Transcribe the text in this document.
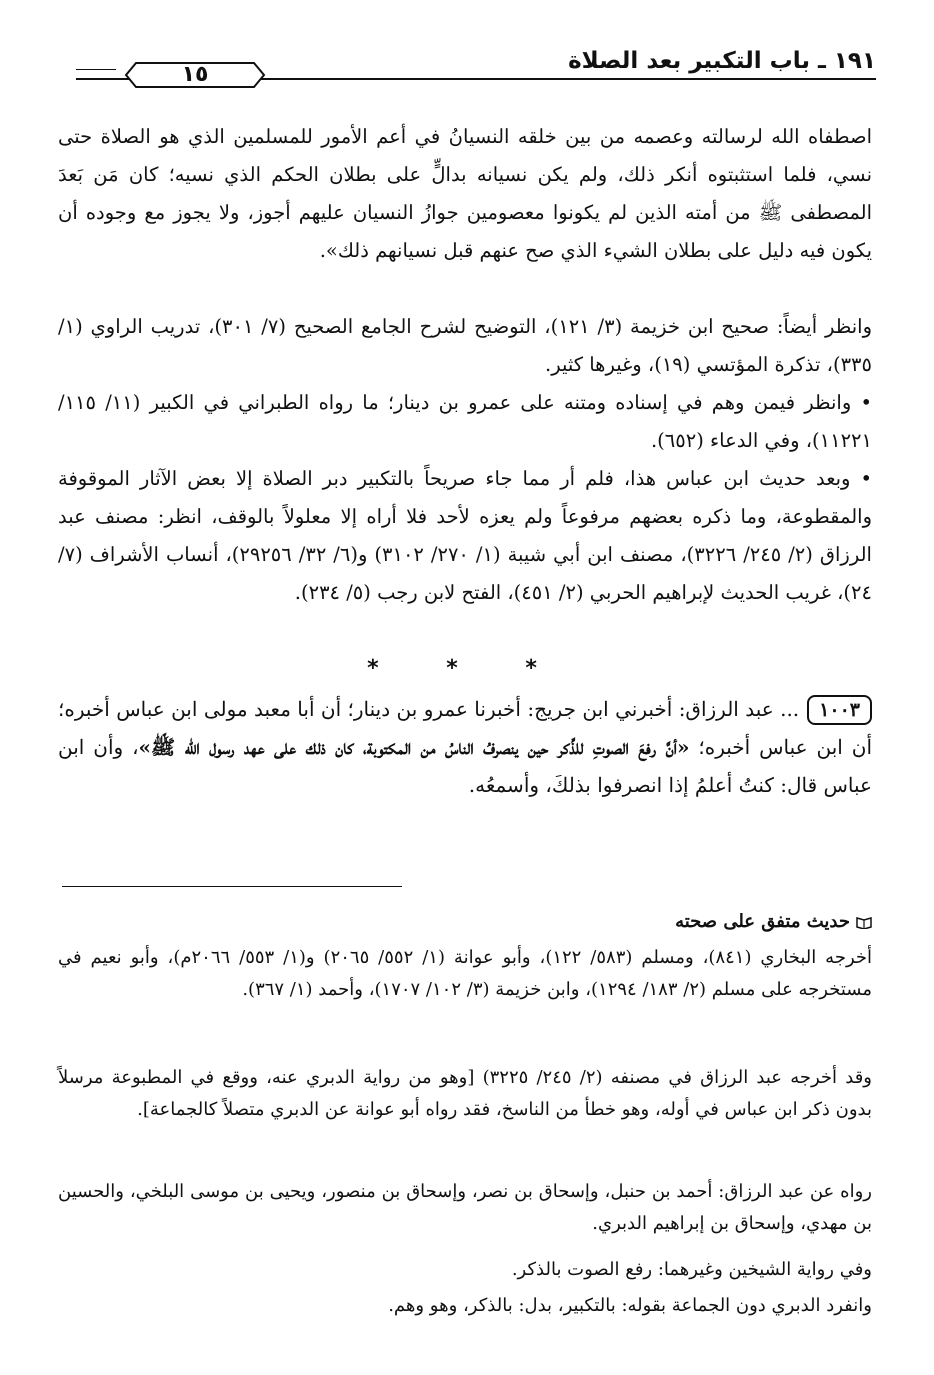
١٩١ ـ باب التكبير بعد الصلاة
١٥
اصطفاه الله لرسالته وعصمه من بين خلقه النسيانُ في أعم الأمور للمسلمين الذي هو الصلاة حتى نسي، فلما استثبتوه أنكر ذلك، ولم يكن نسيانه بدالٍّ على بطلان الحكم الذي نسيه؛ كان مَن بَعدَ المصطفى ﷺ من أمته الذين لم يكونوا معصومين جوازُ النسيان عليهم أجوز، ولا يجوز مع وجوده أن يكون فيه دليل على بطلان الشيء الذي صح عنهم قبل نسيانهم ذلك».
وانظر أيضاً: صحيح ابن خزيمة (٣/ ١٢١)، التوضيح لشرح الجامع الصحيح (٧/ ٣٠١)، تدريب الراوي (١/ ٣٣٥)، تذكرة المؤتسي (١٩)، وغيرها كثير.
• وانظر فيمن وهم في إسناده ومتنه على عمرو بن دينار؛ ما رواه الطبراني في الكبير (١١/ ١١٥/ ١١٢٢١)، وفي الدعاء (٦٥٢).
• وبعد حديث ابن عباس هذا، فلم أر مما جاء صريحاً بالتكبير دبر الصلاة إلا بعض الآثار الموقوفة والمقطوعة، وما ذكره بعضهم مرفوعاً ولم يعزه لأحد فلا أراه إلا معلولاً بالوقف، انظر: مصنف عبد الرزاق (٢/ ٢٤٥/ ٣٢٢٦)، مصنف ابن أبي شيبة (١/ ٢٧٠/ ٣١٠٢) و(٦/ ٣٢/ ٢٩٢٥٦)، أنساب الأشراف (٧/ ٢٤)، غريب الحديث لإبراهيم الحربي (٢/ ٤٥١)، الفتح لابن رجب (٥/ ٢٣٤).
* * *
١٠٠٣... عبد الرزاق: أخبرني ابن جريج: أخبرنا عمرو بن دينار؛ أن أبا معبد مولى ابن عباس أخبره؛ أن ابن عباس أخبره؛ «أنَّ رفعَ الصوتِ للذِّكر حين ينصرفُ الناسُ من المكتوبة، كان ذلك على عهد رسول الله ﷺ»، وأن ابن عباس قال: كنتُ أعلمُ إذا انصرفوا بذلكَ، وأسمعُه.
حديث متفق على صحته
أخرجه البخاري (٨٤١)، ومسلم (٥٨٣/ ١٢٢)، وأبو عوانة (١/ ٥٥٢/ ٢٠٦٥) و(١/ ٥٥٣/ ٢٠٦٦م)، وأبو نعيم في مستخرجه على مسلم (٢/ ١٨٣/ ١٢٩٤)، وابن خزيمة (٣/ ١٠٢/ ١٧٠٧)، وأحمد (١/ ٣٦٧).
وقد أخرجه عبد الرزاق في مصنفه (٢/ ٢٤٥/ ٣٢٢٥) [وهو من رواية الدبري عنه، ووقع في المطبوعة مرسلاً بدون ذكر ابن عباس في أوله، وهو خطأ من الناسخ، فقد رواه أبو عوانة عن الدبري متصلاً كالجماعة].
رواه عن عبد الرزاق: أحمد بن حنبل، وإسحاق بن نصر، وإسحاق بن منصور، ويحيى بن موسى البلخي، والحسين بن مهدي، وإسحاق بن إبراهيم الدبري.
وفي رواية الشيخين وغيرهما: رفع الصوت بالذكر.
وانفرد الدبري دون الجماعة بقوله: بالتكبير، بدل: بالذكر، وهو وهم.
